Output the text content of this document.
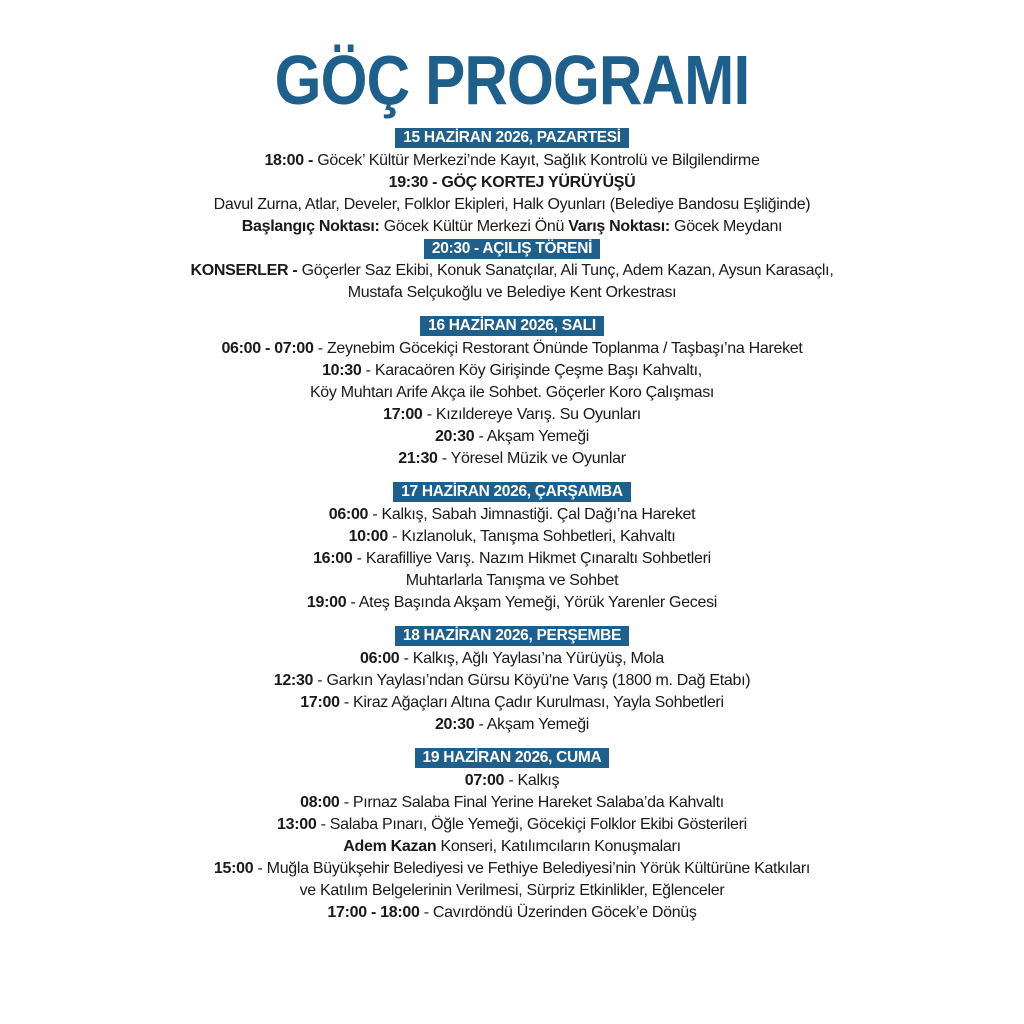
GÖÇ PROGRAMI
15 HAZİRAN 2026, PAZARTESİ
18:00 - Göcek’ Kültür Merkezi’nde Kayıt, Sağlık Kontrolü ve Bilgilendirme
19:30 - GÖÇ KORTEJ YÜRÜYÜŞÜ
Davul Zurna, Atlar, Develer, Folklor Ekipleri, Halk Oyunları (Belediye Bandosu Eşliğinde)
Başlangıç Noktası: Göcek Kültür Merkezi Önü Varış Noktası: Göcek Meydanı
20:30 - AÇILIŞ TÖRENİ
KONSERLER - Göçerler Saz Ekibi, Konuk Sanatçılar, Ali Tunç, Adem Kazan, Aysun Karasaçlı,
Mustafa Selçukoğlu ve Belediye Kent Orkestrası
16 HAZİRAN 2026, SALI
06:00 - 07:00 - Zeynebim Göcekiçi Restorant Önünde Toplanma / Taşbaşı’na Hareket
10:30 - Karacaören Köy Girişinde Çeşme Başı Kahvaltı,
Köy Muhtarı Arife Akça ile Sohbet. Göçerler Koro Çalışması
17:00 - Kızıldereye Varış. Su Oyunları
20:30 - Akşam Yemeği
21:30 - Yöresel Müzik ve Oyunlar
17 HAZİRAN 2026, ÇARŞAMBA
06:00 - Kalkış, Sabah Jimnastiği. Çal Dağı’na Hareket
10:00 - Kızlanoluk, Tanışma Sohbetleri, Kahvaltı
16:00 - Karafilliye Varış. Nazım Hikmet Çınaraltı Sohbetleri
Muhtarlarla Tanışma ve Sohbet
19:00 - Ateş Başında Akşam Yemeği, Yörük Yarenler Gecesi
18 HAZİRAN 2026, PERŞEMBE
06:00 - Kalkış, Ağlı Yaylası’na Yürüyüş, Mola
12:30 - Garkın Yaylası’ndan Gürsu Köyü'ne Varış (1800 m. Dağ Etabı)
17:00 - Kiraz Ağaçları Altına Çadır Kurulması, Yayla Sohbetleri
20:30 - Akşam Yemeği
19 HAZİRAN 2026, CUMA
07:00 - Kalkış
08:00 - Pırnaz Salaba Final Yerine Hareket Salaba’da Kahvaltı
13:00 - Salaba Pınarı, Öğle Yemeği, Göcekiçi Folklor Ekibi Gösterileri
Adem Kazan Konseri, Katılımcıların Konuşmaları
15:00 - Muğla Büyükşehir Belediyesi ve Fethiye Belediyesi’nin Yörük Kültürüne Katkıları
ve Katılım Belgelerinin Verilmesi, Sürpriz Etkinlikler, Eğlenceler
17:00 - 18:00 - Cavırdöndü Üzerinden Göcek’e Dönüş
